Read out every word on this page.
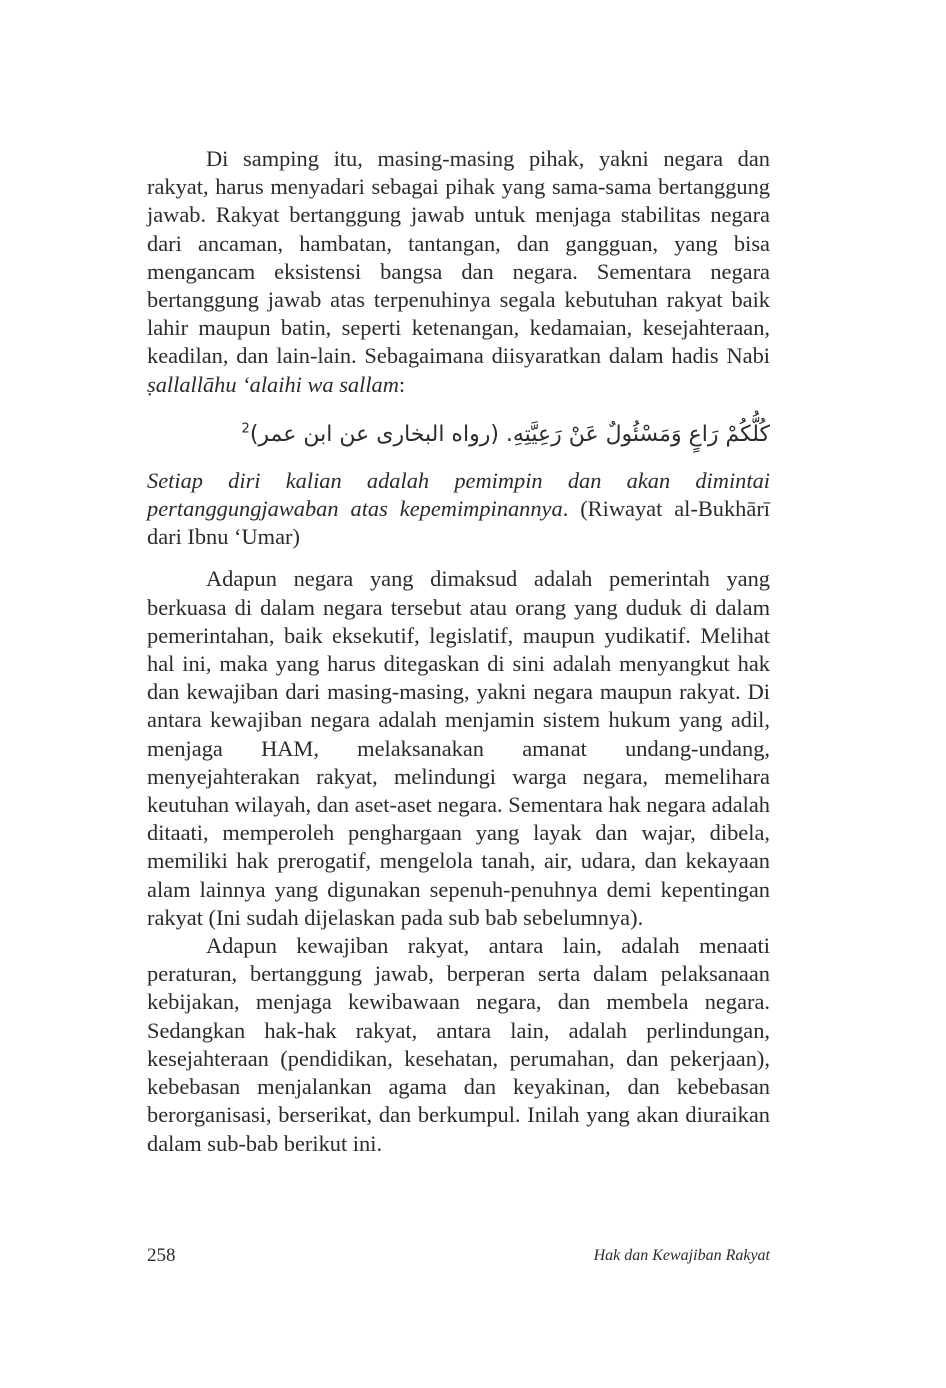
Di samping itu, masing-masing pihak, yakni negara dan rakyat, harus menyadari sebagai pihak yang sama-sama bertanggung jawab. Rakyat bertanggung jawab untuk menjaga stabilitas negara dari ancaman, hambatan, tantangan, dan gangguan, yang bisa mengancam eksistensi bangsa dan negara. Sementara negara bertanggung jawab atas terpenuhinya segala kebutuhan rakyat baik lahir maupun batin, seperti ketenangan, kedamaian, kesejahteraan, keadilan, dan lain-lain. Sebagaimana diisyaratkan dalam hadis Nabi ṣallallāhu ‘alaihi wa sallam:

كُلُّكُمْ رَاعٍ وَمَسْئُولٌ عَنْ رَعِيَّتِهِ. (رواه البخارى عن ابن عمر)$^2$
Setiap diri kalian adalah pemimpin dan akan dimintai pertanggungjawaban atas kepemimpinannya. (Riwayat al-Bukhārī dari Ibnu ‘Umar)

Adapun negara yang dimaksud adalah pemerintah yang berkuasa di dalam negara tersebut atau orang yang duduk di dalam pemerintahan, baik eksekutif, legislatif, maupun yudikatif. Melihat hal ini, maka yang harus ditegaskan di sini adalah menyangkut hak dan kewajiban dari masing-masing, yakni negara maupun rakyat. Di antara kewajiban negara adalah menjamin sistem hukum yang adil, menjaga HAM, melaksanakan amanat undang-undang, menyejahterakan rakyat, melindungi warga negara, memelihara keutuhan wilayah, dan aset-aset negara. Sementara hak negara adalah ditaati, memperoleh penghargaan yang layak dan wajar, dibela, memiliki hak prerogatif, mengelola tanah, air, udara, dan kekayaan alam lainnya yang digunakan sepenuh-penuhnya demi kepentingan rakyat (Ini sudah dijelaskan pada sub bab sebelumnya).

Adapun kewajiban rakyat, antara lain, adalah menaati peraturan, bertanggung jawab, berperan serta dalam pelaksanaan kebijakan, menjaga kewibawaan negara, dan membela negara. Sedangkan hak-hak rakyat, antara lain, adalah perlindungan, kesejahteraan (pendidikan, kesehatan, perumahan, dan pekerjaan), kebebasan menjalankan agama dan keyakinan, dan kebebasan berorganisasi, berserikat, dan berkumpul. Inilah yang akan diuraikan dalam sub-bab berikut ini.

258	Hak dan Kewajiban Rakyat
